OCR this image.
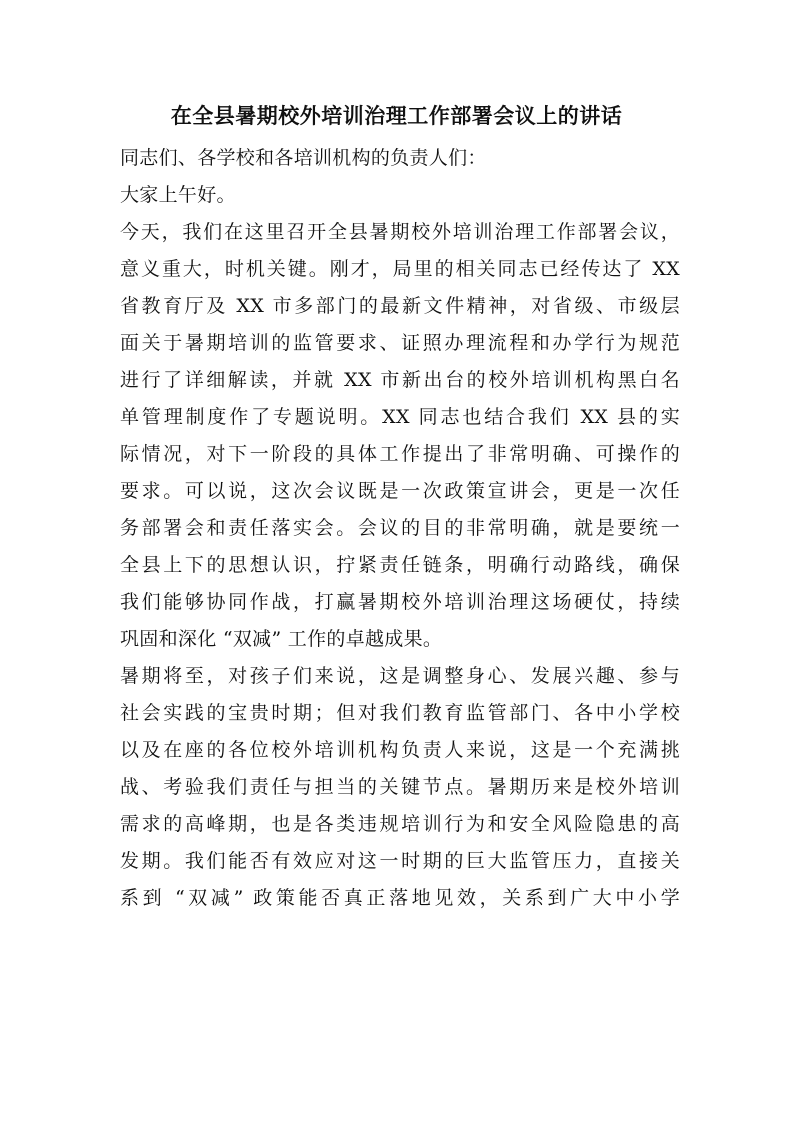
在全县暑期校外培训治理工作部署会议上的讲话
同志们、各学校和各培训机构的负责人们：
大家上午好。
今天，我们在这里召开全县暑期校外培训治理工作部署会议，
意义重大，时机关键。刚才，局里的相关同志已经传达了 XX
省教育厅及 XX 市多部门的最新文件精神，对省级、市级层
面关于暑期培训的监管要求、证照办理流程和办学行为规范
进行了详细解读，并就 XX 市新出台的校外培训机构黑白名
单管理制度作了专题说明。XX 同志也结合我们 XX 县的实
际情况，对下一阶段的具体工作提出了非常明确、可操作的
要求。可以说，这次会议既是一次政策宣讲会，更是一次任
务部署会和责任落实会。会议的目的非常明确，就是要统一
全县上下的思想认识，拧紧责任链条，明确行动路线，确保
我们能够协同作战，打赢暑期校外培训治理这场硬仗，持续
巩固和深化 “双减” 工作的卓越成果。
暑期将至，对孩子们来说，这是调整身心、发展兴趣、参与
社会实践的宝贵时期；但对我们教育监管部门、各中小学校
以及在座的各位校外培训机构负责人来说，这是一个充满挑
战、考验我们责任与担当的关键节点。暑期历来是校外培训
需求的高峰期，也是各类违规培训行为和安全风险隐患的高
发期。我们能否有效应对这一时期的巨大监管压力，直接关
系到 “双减” 政策能否真正落地见效，关系到广大中小学
